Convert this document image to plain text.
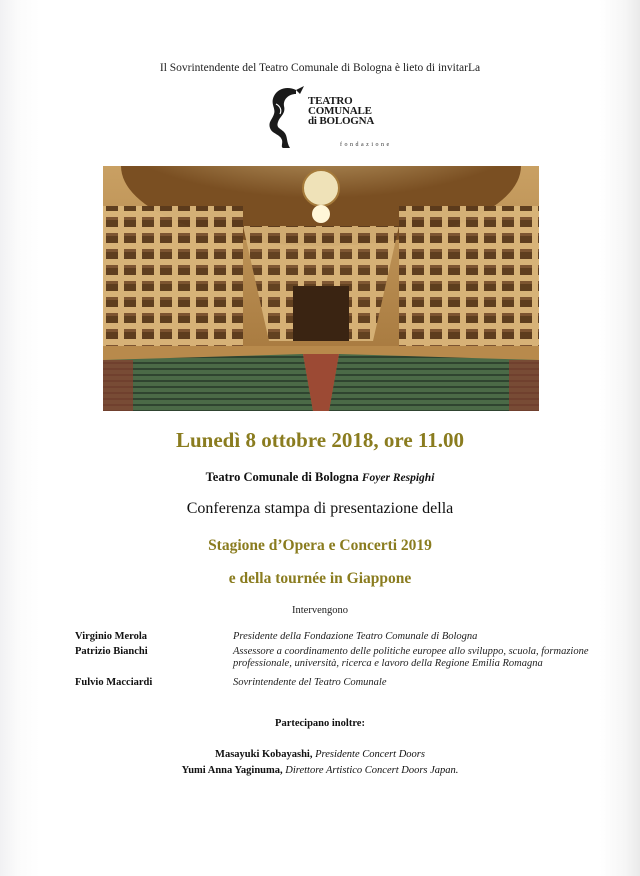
Il Sovrintendente del Teatro Comunale di Bologna è lieto di invitarLa
TEATRO
COMUNALE
di BOLOGNA
fondazione
Lunedì 8 ottobre 2018, ore 11.00
Teatro Comunale di Bologna Foyer Respighi
Conferenza stampa di presentazione della
Stagione d’Opera e Concerti 2019
e della tournée in Giappone
Intervengono
Virginio Merola	Presidente della Fondazione Teatro Comunale di Bologna
Patrizio Bianchi	Assessore a coordinamento delle politiche europee allo sviluppo, scuola, formazione professionale, università, ricerca e lavoro della Regione Emilia Romagna
Fulvio Macciardi	Sovrintendente del Teatro Comunale
Partecipano inoltre:
Masayuki Kobayashi, Presidente Concert Doors
Yumi Anna Yaginuma, Direttore Artistico Concert Doors Japan.
